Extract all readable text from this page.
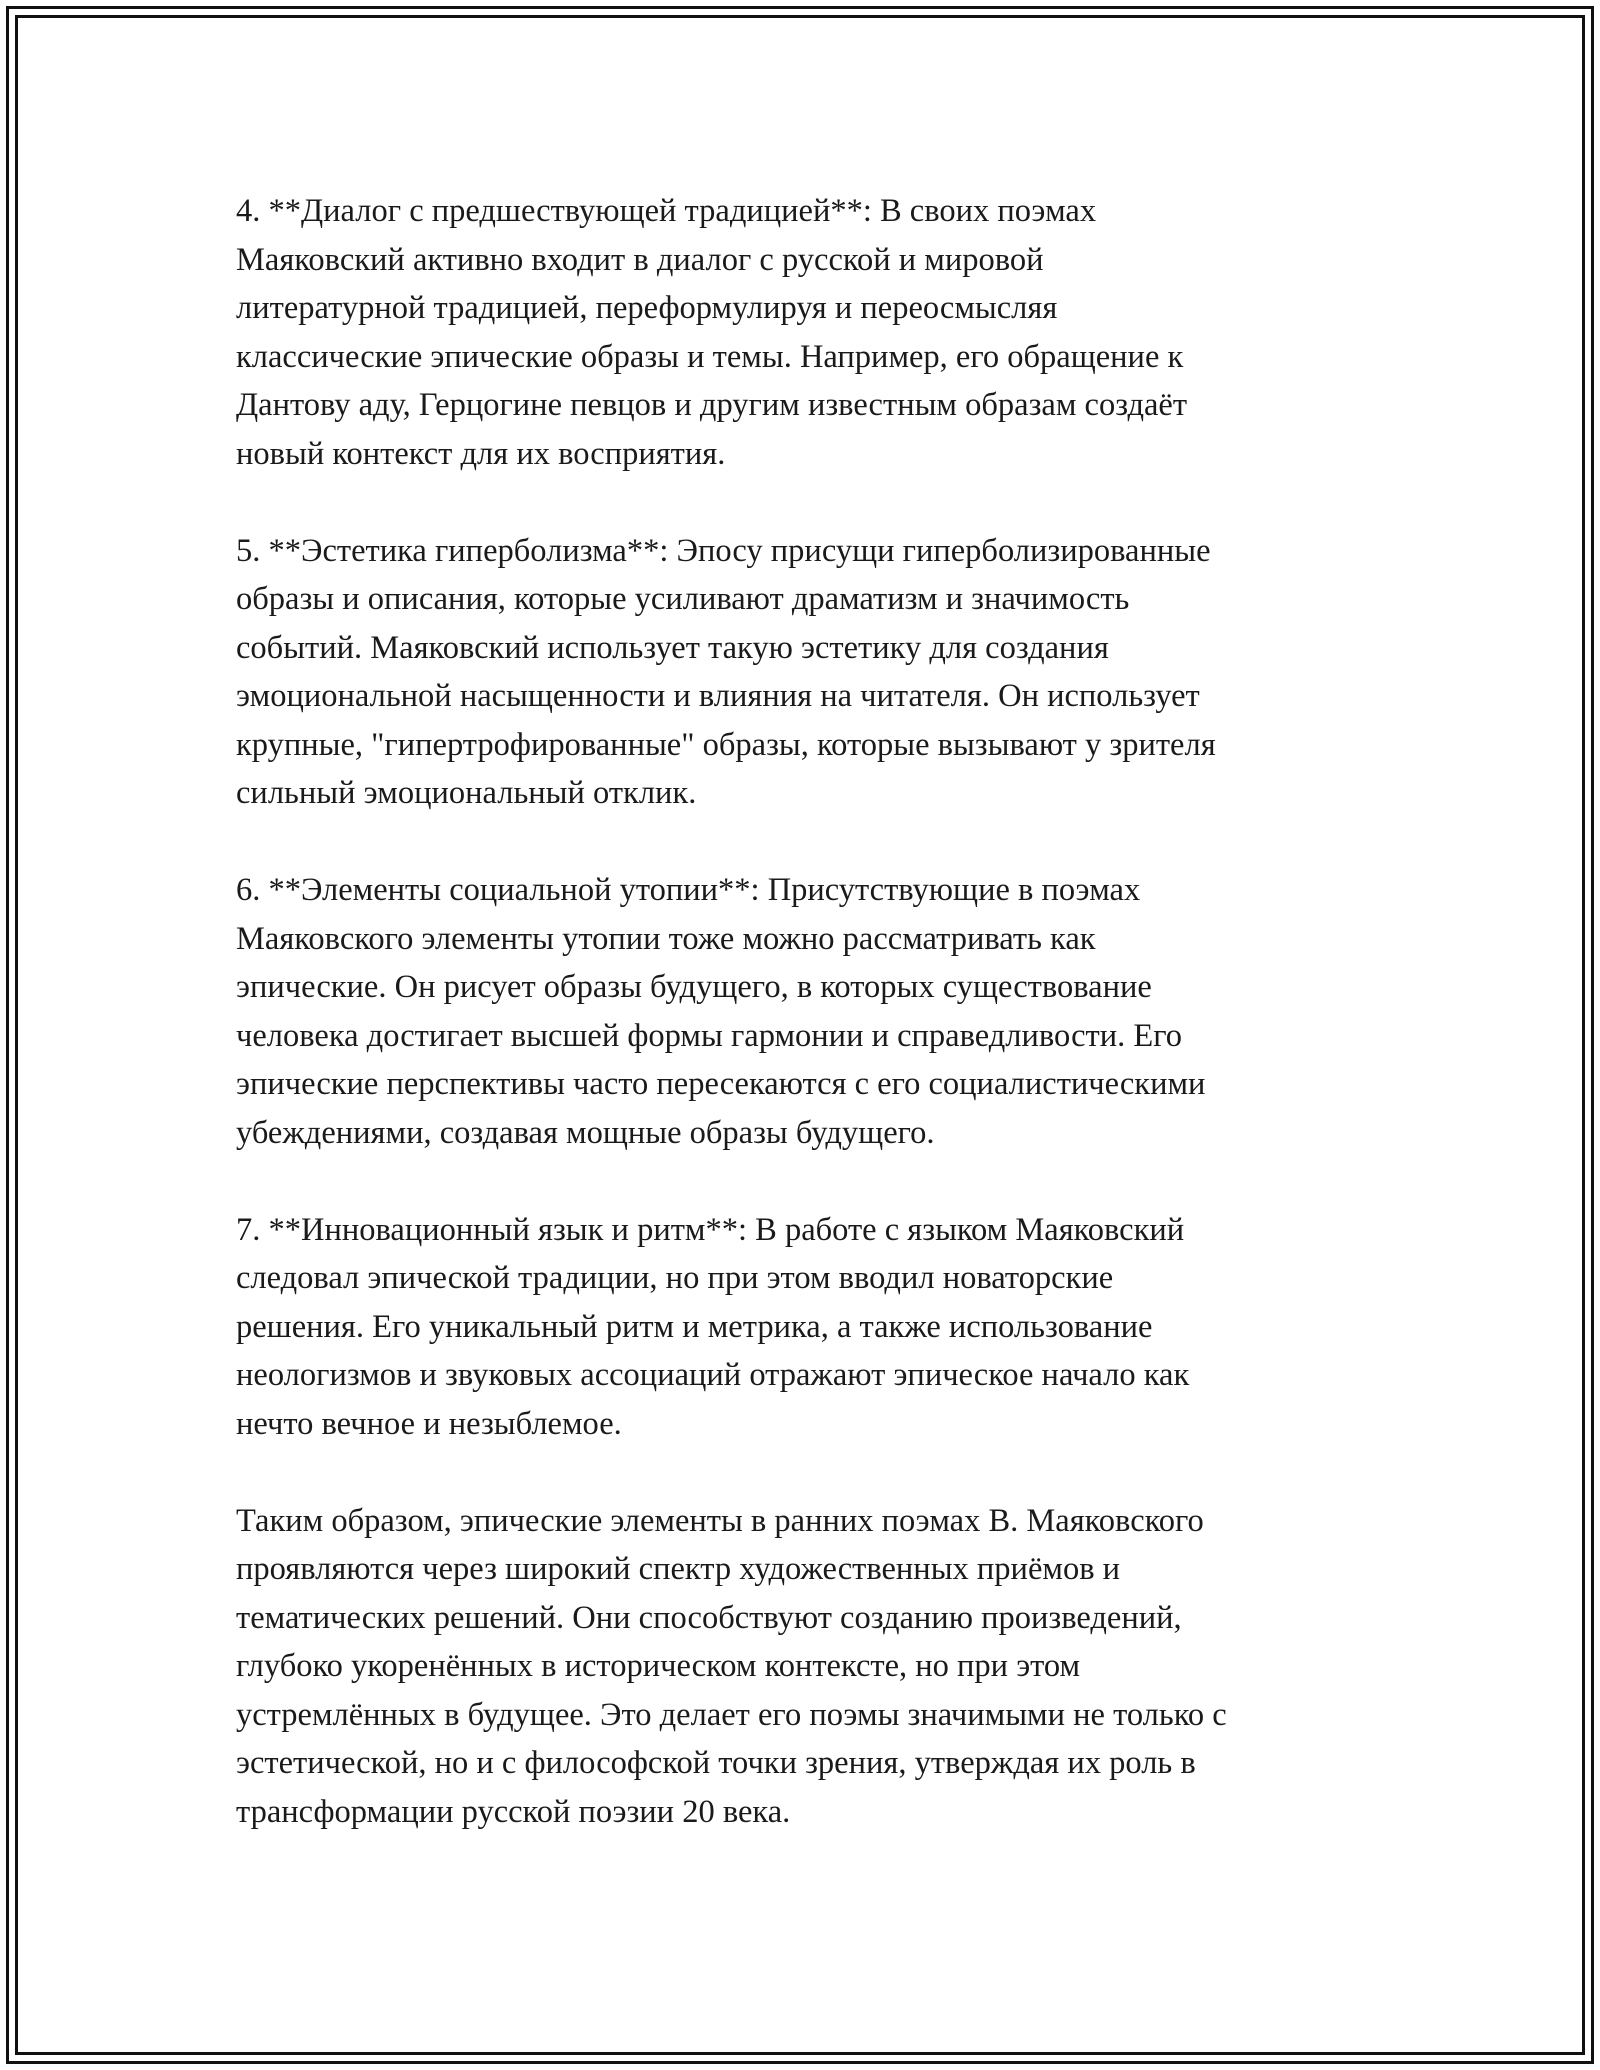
4. **Диалог с предшествующей традицией**: В своих поэмах
Маяковский активно входит в диалог с русской и мировой
литературной традицией, переформулируя и переосмысляя
классические эпические образы и темы. Например, его обращение к
Дантову аду, Герцогине певцов и другим известным образам создаёт
новый контекст для их восприятия.

5. **Эстетика гиперболизма**: Эпосу присущи гиперболизированные
образы и описания, которые усиливают драматизм и значимость
событий. Маяковский использует такую эстетику для создания
эмоциональной насыщенности и влияния на читателя. Он использует
крупные, "гипертрофированные" образы, которые вызывают у зрителя
сильный эмоциональный отклик.

6. **Элементы социальной утопии**: Присутствующие в поэмах
Маяковского элементы утопии тоже можно рассматривать как
эпические. Он рисует образы будущего, в которых существование
человека достигает высшей формы гармонии и справедливости. Его
эпические перспективы часто пересекаются с его социалистическими
убеждениями, создавая мощные образы будущего.

7. **Инновационный язык и ритм**: В работе с языком Маяковский
следовал эпической традиции, но при этом вводил новаторские
решения. Его уникальный ритм и метрика, а также использование
неологизмов и звуковых ассоциаций отражают эпическое начало как
нечто вечное и незыблемое.

Таким образом, эпические элементы в ранних поэмах В. Маяковского
проявляются через широкий спектр художественных приёмов и
тематических решений. Они способствуют созданию произведений,
глубоко укоренённых в историческом контексте, но при этом
устремлённых в будущее. Это делает его поэмы значимыми не только с
эстетической, но и с философской точки зрения, утверждая их роль в
трансформации русской поэзии 20 века.
